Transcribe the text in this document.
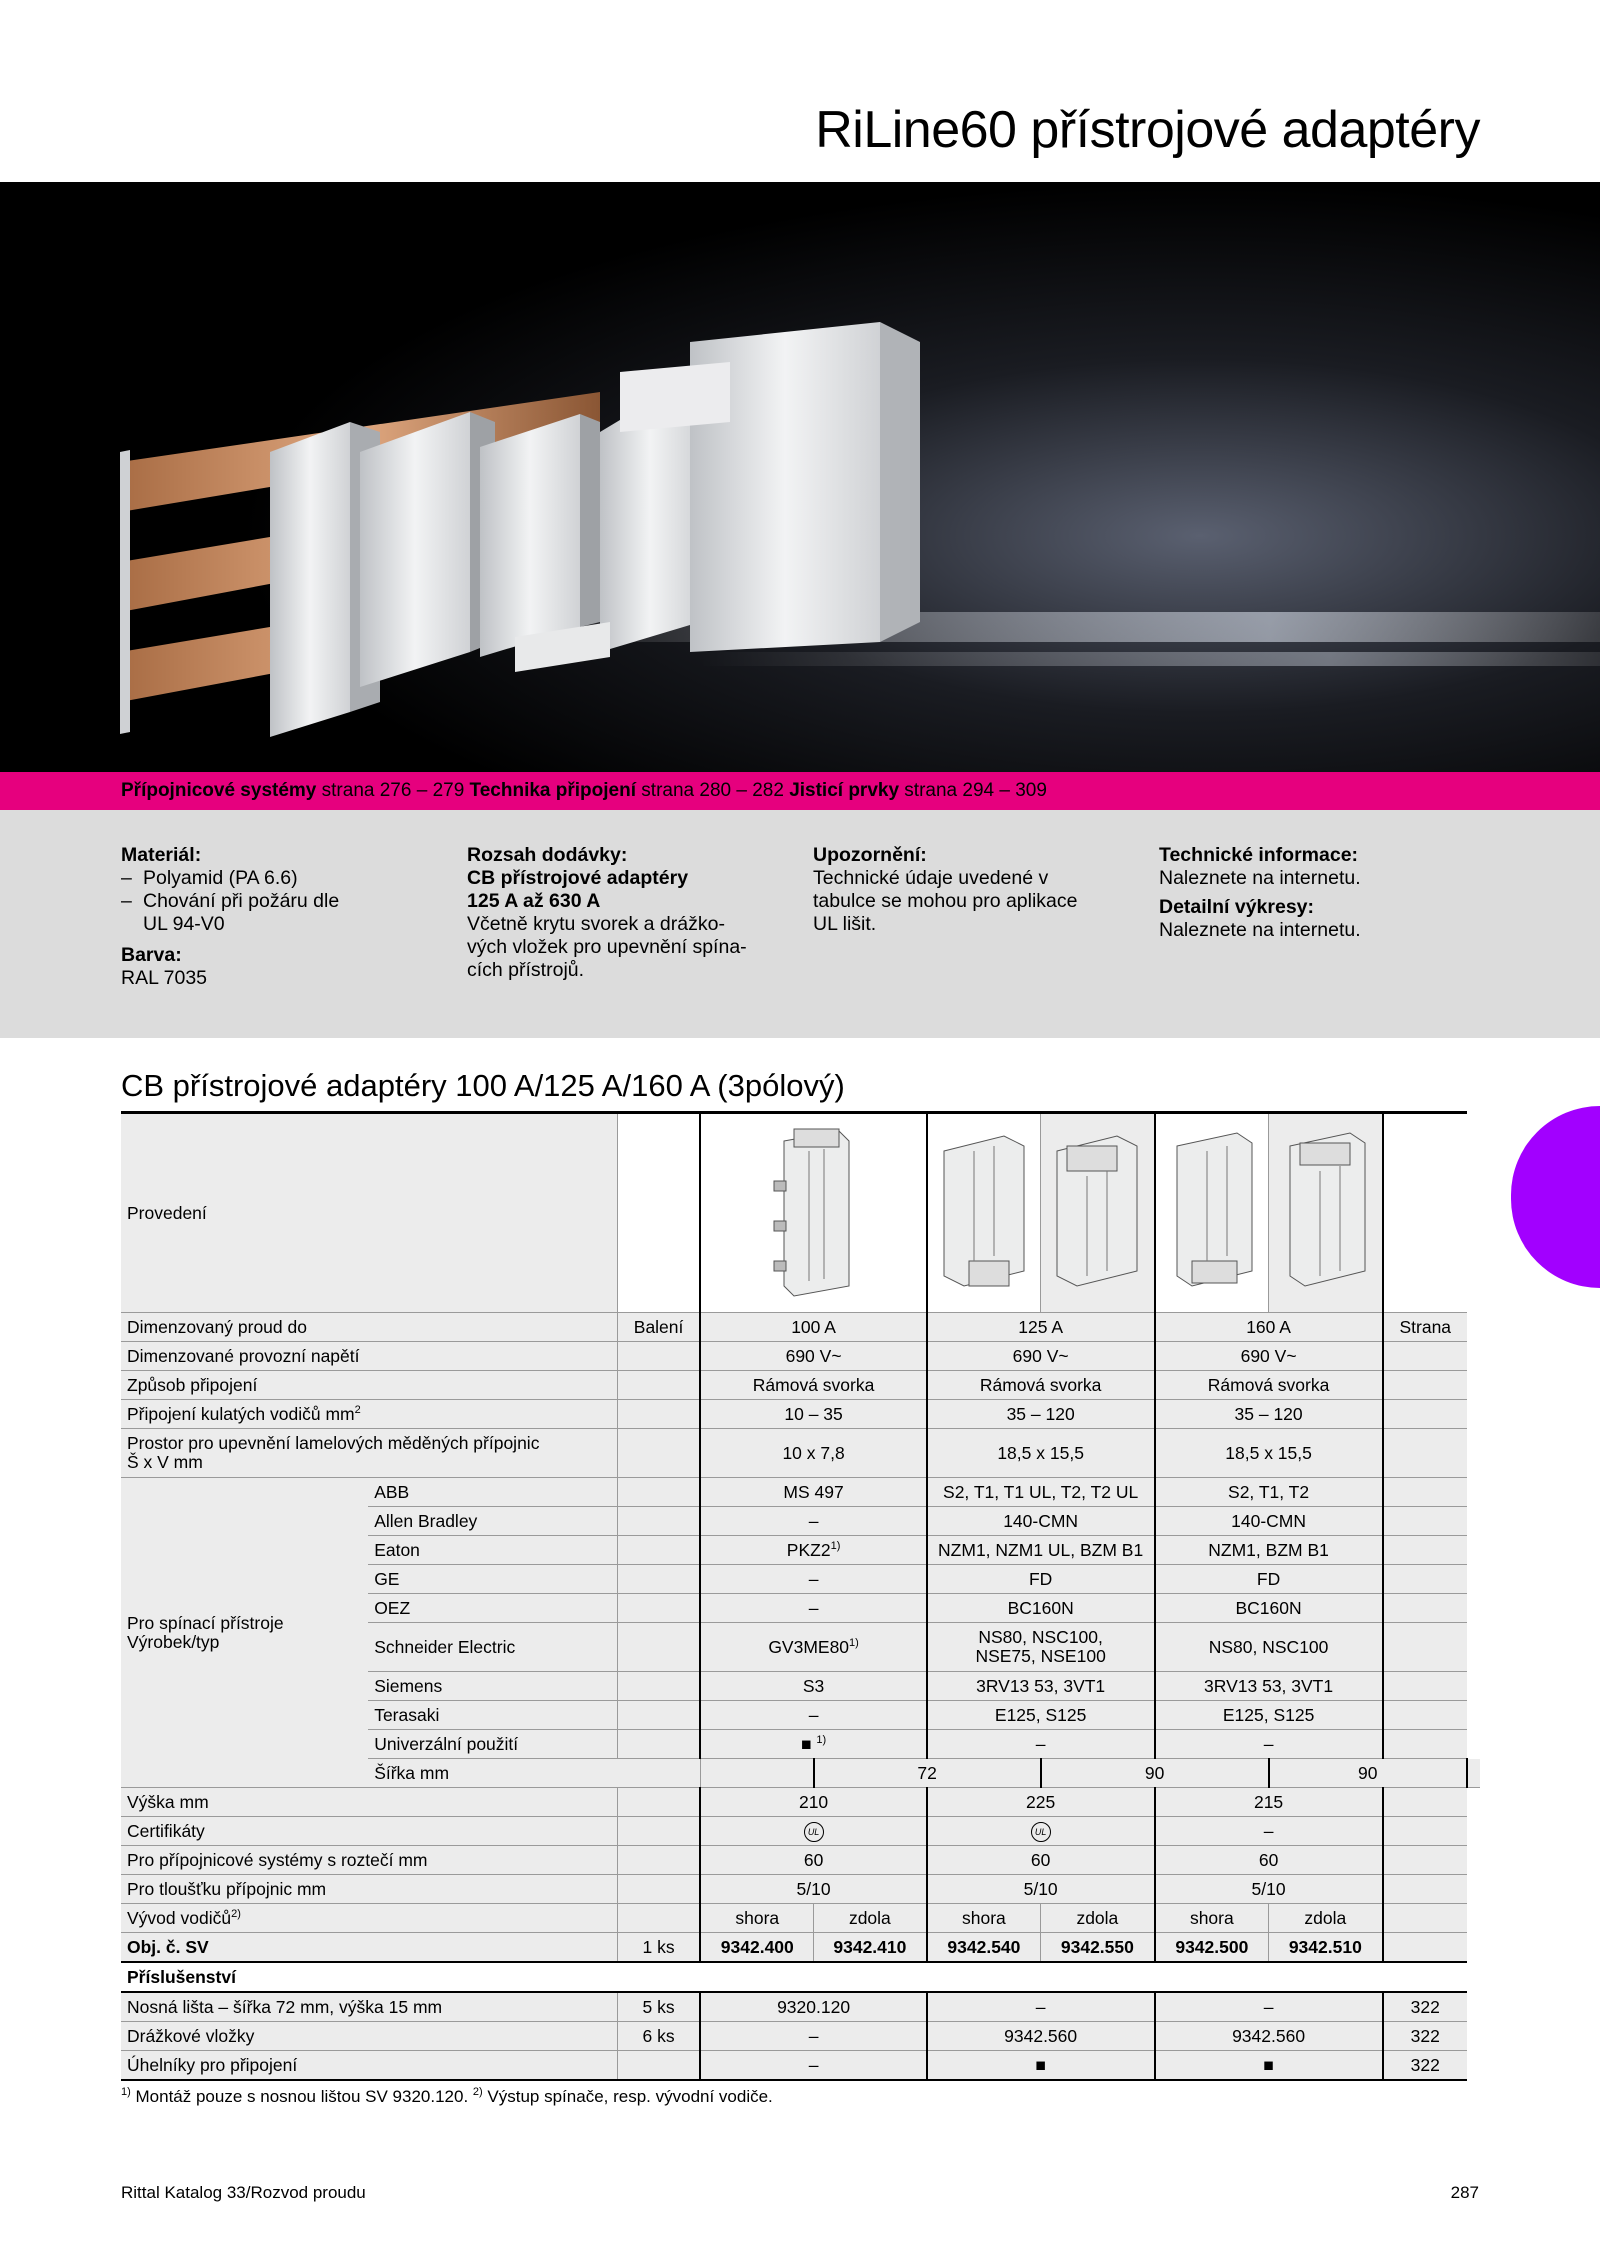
RiLine60 přístrojové adaptéry
Přípojnicové systémy strana 276 – 279 Technika připojení strana 280 – 282 Jisticí prvky strana 294 – 309
Materiál:
– Polyamid (PA 6.6)
– Chování při požáru dle
UL 94-V0
Barva:
RAL 7035
Rozsah dodávky:
CB přístrojové adaptéry
125 A až 630 A
Včetně krytu svorek a drážko-
vých vložek pro upevnění spína-
cích přístrojů.
Upozornění:
Technické údaje uvedené v
tabulce se mohou pro aplikace
UL lišit.
Technické informace:
Naleznete na internetu.
Detailní výkresy:
Naleznete na internetu.
CB přístrojové adaptéry 100 A/125 A/160 A (3pólový)
Provedení							
Dimenzovaný proud do		Balení	100 A		125 A		160 A		Strana	
Dimenzované provozní napětí			690 V~		690 V~		690 V~			
Způsob připojení			Rámová svorka		Rámová svorka		Rámová svorka			
Připojení kulatých vodičů $mm^2$			10 – 35		35 – 120		35 – 120			
Prostor pro upevnění lamelových měděných přípojnic
Š x V mm			10 x 7,8		18,5 x 15,5		18,5 x 15,5			
Pro spínací přístroje
Výrobek/typ	ABB		MS 497		S2, T1, T1 UL, T2, T2 UL		S2, T1, T2			
	Allen Bradley		–		140-CMN		140-CMN			
	Eaton		PKZ2$^{1)}$		NZM1, NZM1 UL, BZM B1		NZM1, BZM B1			
	GE		–		FD		FD			
	OEZ		–		BC160N		BC160N			
	Schneider Electric		GV3ME80$^{1)}$		NS80, NSC100,
NSE75, NSE100		NS80, NSC100			
	Siemens		S3		3RV13 53, 3VT1		3RV13 53, 3VT1			
	Terasaki		–		E125, S125		E125, S125			
	Univerzální použití		■ $^{1)}$		–		–			
	Šířka mm			72		90		90		
Výška mm			210		225		215			
Certifikáty			UL		UL		–			
Pro přípojnicové systémy s roztečí mm			60		60		60			
Pro tloušťku přípojnic mm			5/10		5/10		5/10			
Vývod vodičů$^{2)}$			shora	zdola	shora	zdola	shora	zdola		
Obj. č. SV		1 ks	9342.400	9342.410	9342.540	9342.550	9342.500	9342.510		
Příslušenství										
Nosná lišta – šířka 72 mm, výška 15 mm		5 ks	9320.120		–		–		322	
Drážkové vložky		6 ks	–		9342.560		9342.560		322	
Úhelníky pro připojení			–		■		■		322	
$^{1)}$ Montáž pouze s nosnou lištou SV 9320.120. $^{2)}$ Výstup spínače, resp. vývodní vodiče.
Rittal Katalog 33/Rozvod proudu	287
